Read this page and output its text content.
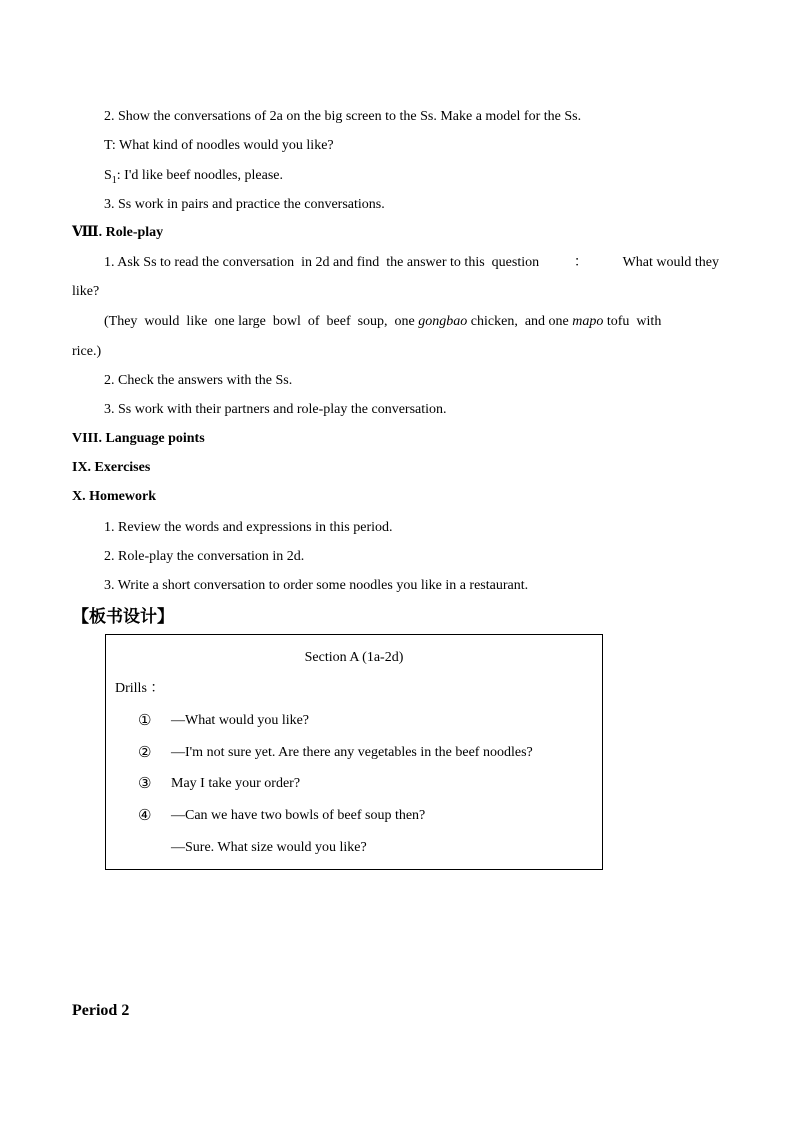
2. Show the conversations of 2a on the big screen to the Ss. Make a model for the Ss.
T: What kind of noodles would you like?
$S_1$: I'd like beef noodles, please.
3. Ss work in pairs and practice the conversations.
Ⅷ. Role-play
1. Ask Ss to read the conversation  in 2d and find  the answer to this  question ： What would they
like?
(They  would  like  one large  bowl  of  beef  soup,  one gongbao chicken,  and one mapo tofu  with
rice.)
2. Check the answers with the Ss.
3. Ss work with their partners and role-play the conversation.
VIII. Language points
IX. Exercises
X. Homework
1. Review the words and expressions in this period.
2. Role-play the conversation in 2d.
3. Write a short conversation to order some noodles you like in a restaurant.
【板书设计】
Section A (1a-2d)
Drills ：
① —What would you like?
② —I'm not sure yet. Are there any vegetables in the beef noodles?
③ May I take your order?
④ —Can we have two bowls of beef soup then?
—Sure. What size would you like?
Period 2
